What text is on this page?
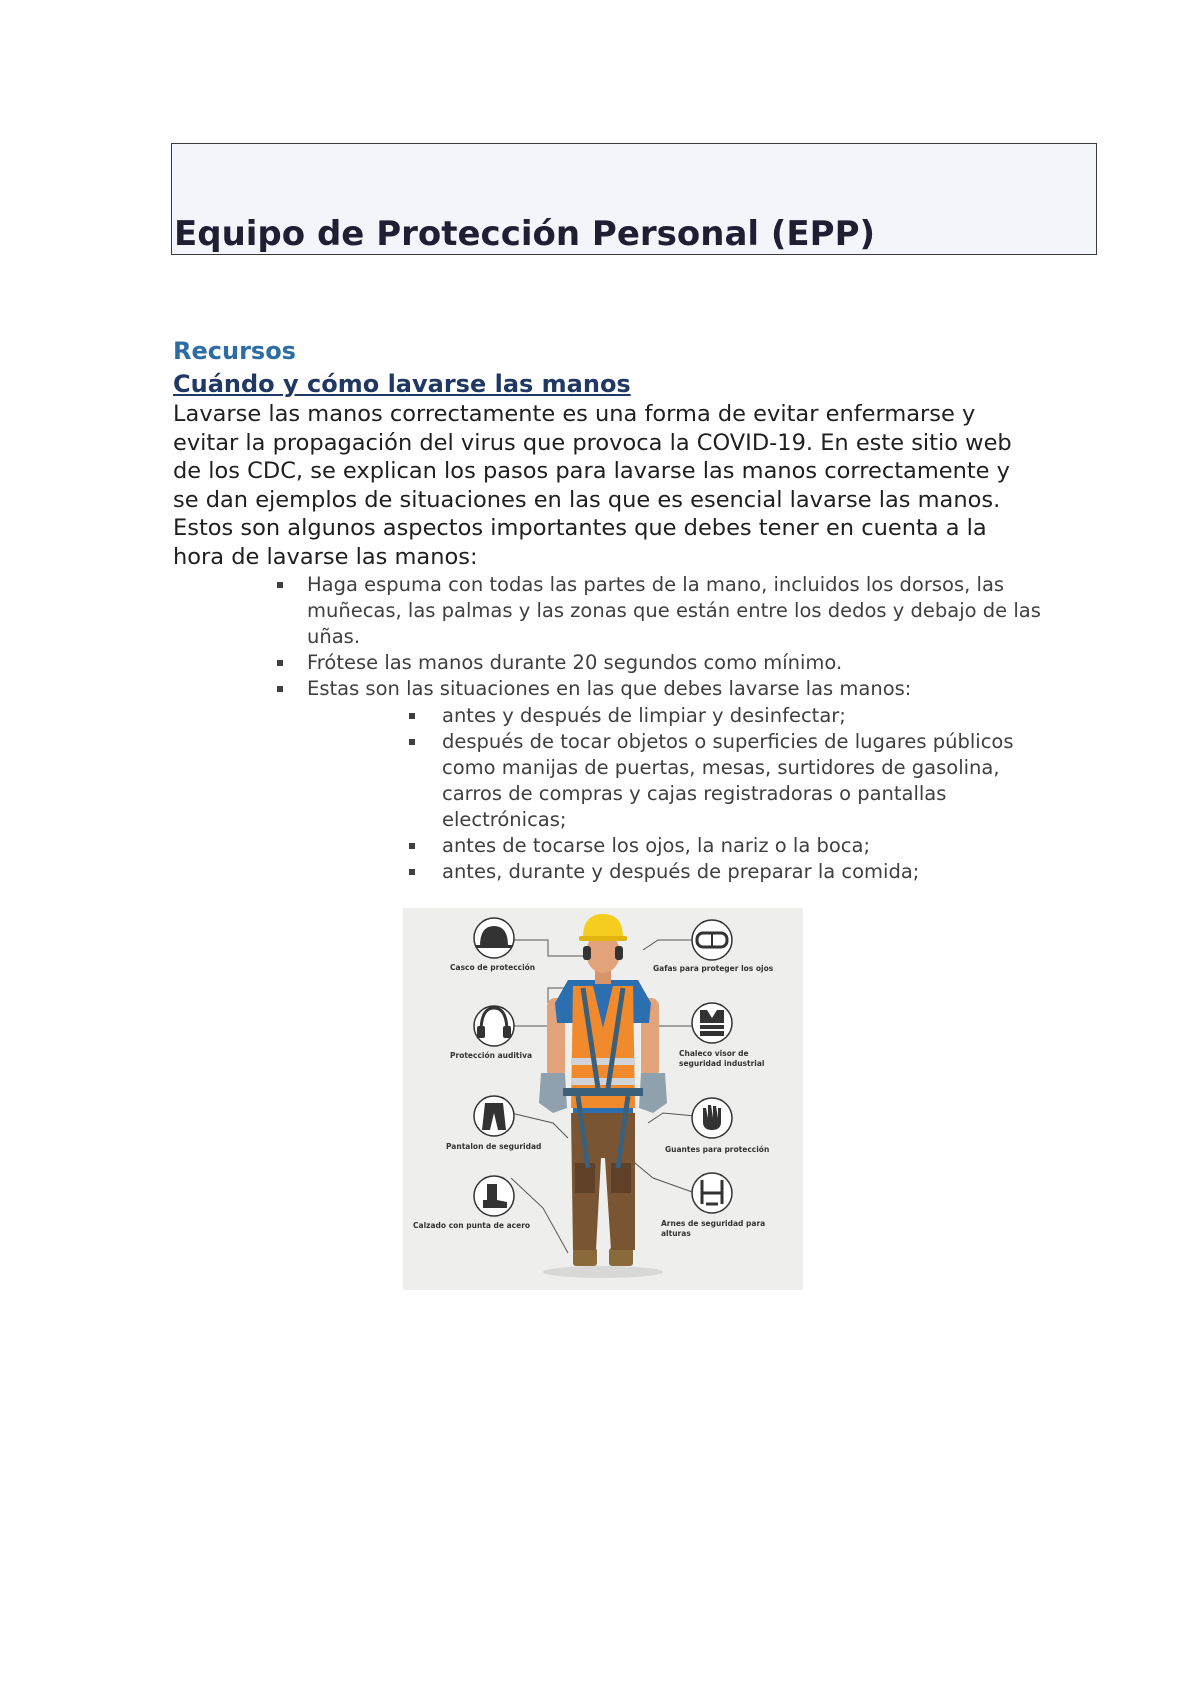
Equipo de Protección Personal (EPP)
Recursos
Cuándo y cómo lavarse las manos

Lavarse las manos correctamente es una forma de evitar enfermarse y evitar la propagación del virus que provoca la COVID-19. En este sitio web de los CDC, se explican los pasos para lavarse las manos correctamente y se dan ejemplos de situaciones en las que es esencial lavarse las manos. Estos son algunos aspectos importantes que debes tener en cuenta a la hora de lavarse las manos:

Haga espuma con todas las partes de la mano, incluidos los dorsos, las muñecas, las palmas y las zonas que están entre los dedos y debajo de las uñas.
Frótese las manos durante 20 segundos como mínimo.
Estas son las situaciones en las que debes lavarse las manos:
antes y después de limpiar y desinfectar;
después de tocar objetos o superficies de lugares públicos como manijas de puertas, mesas, surtidores de gasolina, carros de compras y cajas registradoras o pantallas electrónicas;
antes de tocarse los ojos, la nariz o la boca;
antes, durante y después de preparar la comida;
Casco de protección
Protección auditiva
Pantalon de seguridad
Calzado con punta de acero
Gafas para proteger los ojos
Chaleco visor de
seguridad industrial
Guantes para protección
Arnes de seguridad para
alturas
